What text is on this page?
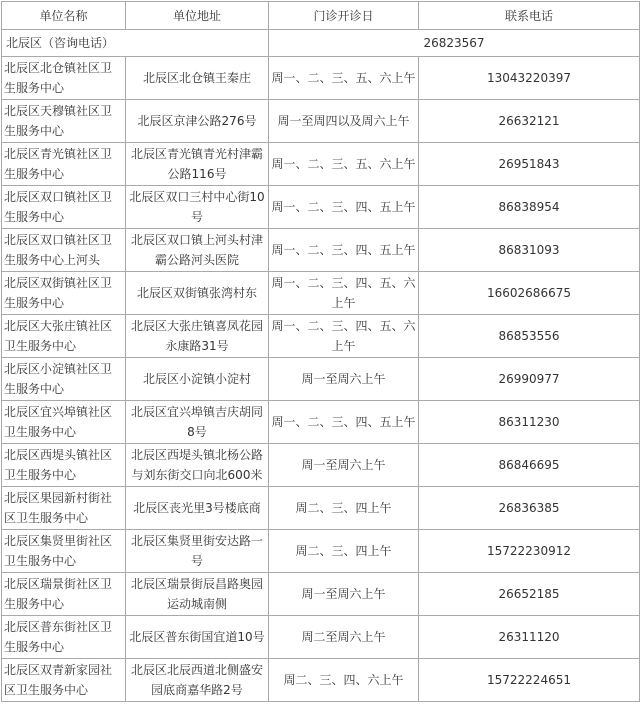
单位名称	单位地址	门诊开诊日	联系电话
北辰区（咨询电话）		26823567	
北辰区北仓镇社区卫生服务中心	北辰区北仓镇王秦庄	周一、二、三、五、六上午	13043220397
北辰区天穆镇社区卫生服务中心	北辰区京津公路276号	周一至周四以及周六上午	26632121
北辰区青光镇社区卫生服务中心	北辰区青光镇青光村津霸公路116号	周一、二、三、五、六上午	26951843
北辰区双口镇社区卫生服务中心	北辰区双口三村中心街10号	周一、二、三、四、五上午	86838954
北辰区双口镇社区卫生服务中心上河头	北辰区双口镇上河头村津霸公路河头医院	周一、二、三、四、五上午	86831093
北辰区双街镇社区卫生服务中心	北辰区双街镇张湾村东	周一、二、三、四、五、六上午	16602686675
北辰区大张庄镇社区卫生服务中心	北辰区大张庄镇喜凤花园永康路31号	周一、二、三、四、五、六上午	86853556
北辰区小淀镇社区卫生服务中心	北辰区小淀镇小淀村	周一至周六上午	26990977
北辰区宜兴埠镇社区卫生服务中心	北辰区宜兴埠镇吉庆胡同8号	周一、二、三、四、五上午	86311230
北辰区西堤头镇社区卫生服务中心	北辰区西堤头镇北杨公路与刘东街交口向北600米	周一至周六上午	86846695
北辰区果园新村街社区卫生服务中心	北辰区丧光里3号楼底商	周二、三、四上午	26836385
北辰区集贤里街社区卫生服务中心	北辰区集贤里街安达路一号	周二、三、四上午	15722230912
北辰区瑞景街社区卫生服务中心	北辰区瑞景街辰昌路奥园运动城南侧	周一至周六上午	26652185
北辰区普东街社区卫生服务中心	北辰区普东街国宜道10号	周二至周六上午	26311120
北辰区双青新家园社区卫生服务中心	北辰区北辰西道北侧盛安园底商嘉华路2号	周二、三、四、六上午	15722224651
